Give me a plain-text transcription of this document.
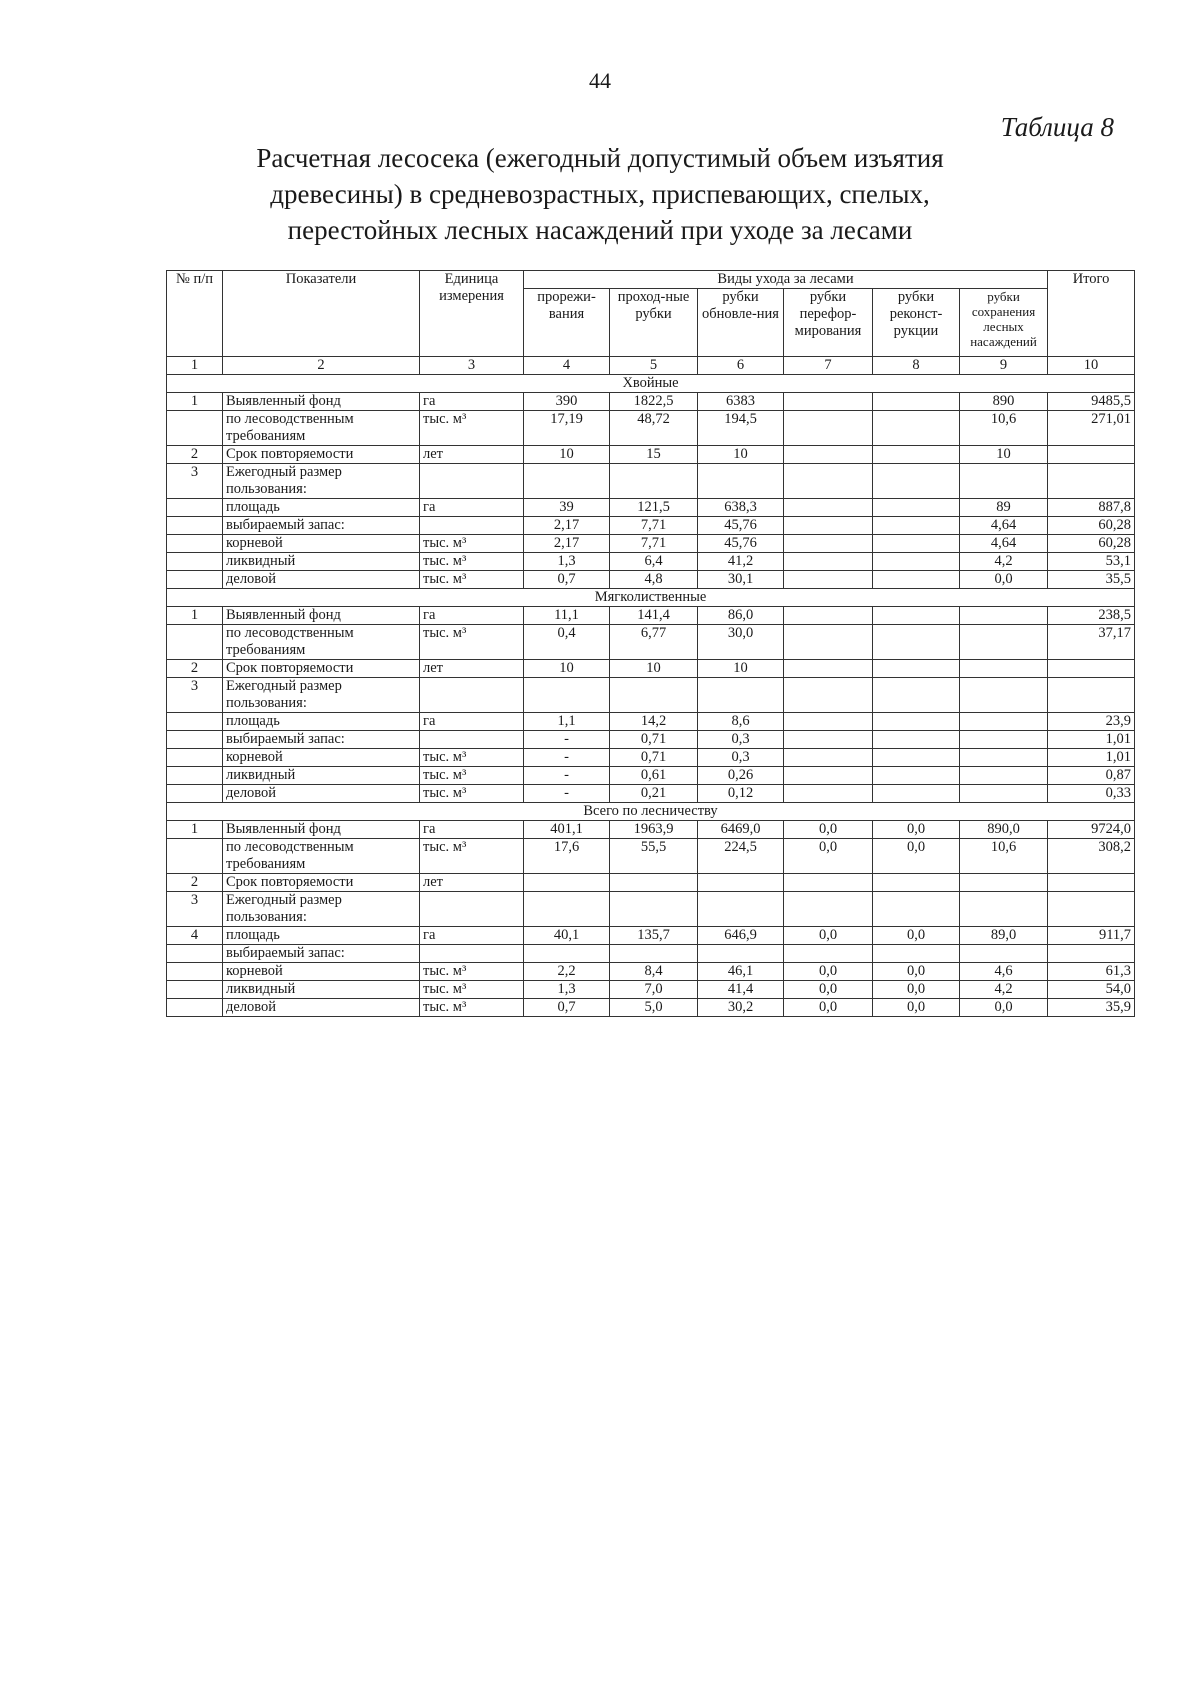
44
Таблица 8
Расчетная лесосека (ежегодный допустимый объем изъятия
древесины) в средневозрастных, приспевающих, спелых,
перестойных лесных насаждений при уходе за лесами
№ п/п	Показатели	Единица измерения	Виды ухода за лесами						Итого
			прорежи-вания	проход-ные рубки	рубки обновле-ния	рубки перефор-мирования	рубки реконст-рукции	рубки сохранения лесных насаждений	
1	2	3	4	5	6	7	8	9	10
Хвойные									
1	Выявленный фонд	га	390	1822,5	6383			890	9485,5
	по лесоводственным требованиям	тыс. м³	17,19	48,72	194,5			10,6	271,01
2	Срок повторяемости	лет	10	15	10			10	
3	Ежегодный размер пользования:								
	площадь	га	39	121,5	638,3			89	887,8
	выбираемый запас:		2,17	7,71	45,76			4,64	60,28
	корневой	тыс. м³	2,17	7,71	45,76			4,64	60,28
	ликвидный	тыс. м³	1,3	6,4	41,2			4,2	53,1
	деловой	тыс. м³	0,7	4,8	30,1			0,0	35,5
Мягколиственные									
1	Выявленный фонд	га	11,1	141,4	86,0				238,5
	по лесоводственным требованиям	тыс. м³	0,4	6,77	30,0				37,17
2	Срок повторяемости	лет	10	10	10				
3	Ежегодный размер пользования:								
	площадь	га	1,1	14,2	8,6				23,9
	выбираемый запас:		-	0,71	0,3				1,01
	корневой	тыс. м³	-	0,71	0,3				1,01
	ликвидный	тыс. м³	-	0,61	0,26				0,87
	деловой	тыс. м³	-	0,21	0,12				0,33
Всего по лесничеству									
1	Выявленный фонд	га	401,1	1963,9	6469,0	0,0	0,0	890,0	9724,0
	по лесоводственным требованиям	тыс. м³	17,6	55,5	224,5	0,0	0,0	10,6	308,2
2	Срок повторяемости	лет							
3	Ежегодный размер пользования:								
4	площадь	га	40,1	135,7	646,9	0,0	0,0	89,0	911,7
	выбираемый запас:								
	корневой	тыс. м³	2,2	8,4	46,1	0,0	0,0	4,6	61,3
	ликвидный	тыс. м³	1,3	7,0	41,4	0,0	0,0	4,2	54,0
	деловой	тыс. м³	0,7	5,0	30,2	0,0	0,0	0,0	35,9
